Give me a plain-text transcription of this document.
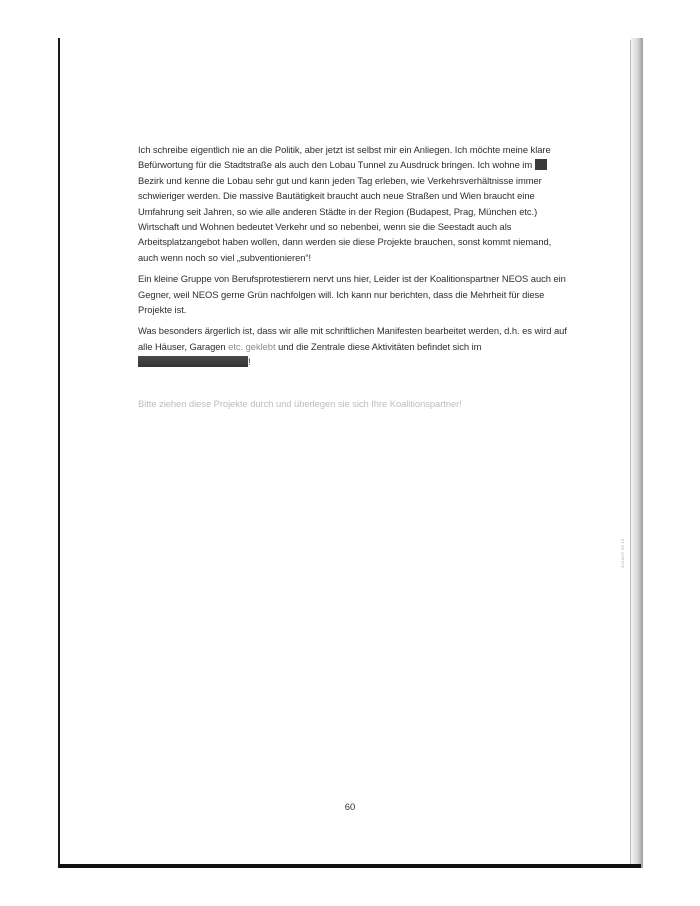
2019/07 06 10

Ich schreibe eigentlich nie an die Politik, aber jetzt ist selbst mir ein Anliegen. Ich möchte meine klare Befürwortung für die Stadtstraße als auch den Lobau Tunnel zu Ausdruck bringen. Ich wohne im  Bezirk und kenne die Lobau sehr gut und kann jeden Tag erleben, wie Verkehrsverhältnisse immer schwieriger werden. Die massive Bautätigkeit braucht auch neue Straßen und Wien braucht eine Umfahrung seit Jahren, so wie alle anderen Städte in der Region (Budapest, Prag, München etc.) Wirtschaft und Wohnen bedeutet Verkehr und so nebenbei, wenn sie die Seestadt auch als Arbeitsplatzangebot haben wollen, dann werden sie diese Projekte brauchen, sonst kommt niemand, auch wenn noch so viel „subventionieren“!

Ein kleine Gruppe von Berufsprotestierern nervt uns hier, Leider ist der Koalitionspartner NEOS auch ein Gegner, weil NEOS gerne Grün nachfolgen will. Ich kann nur berichten, dass die Mehrheit für diese Projekte ist.

Was besonders ärgerlich ist, dass wir alle mit schriftlichen Manifesten bearbeitet werden, d.h. es wird auf alle Häuser, Garagen etc. geklebt und die Zentrale diese Aktivitäten befindet sich im !

Bitte ziehen diese Projekte durch und überlegen sie sich Ihre Koalitionspartner!

60
